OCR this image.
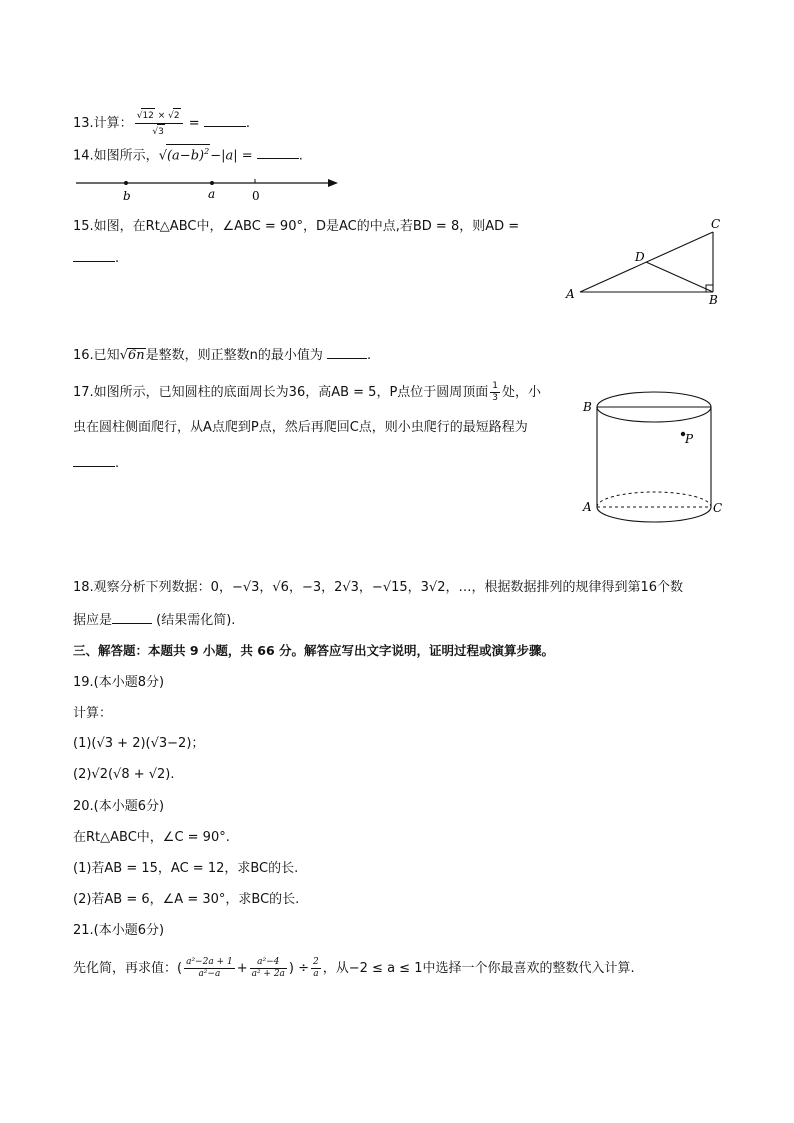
13.计算： $\frac{√12 \times √2}{√3}$ =	.
14.如图所示，$√(a-b)^2-|a|$ =	.
b	a	0
15.如图，在Rt△ABC中，∠ABC = 90°，D是AC的中点,若BD = 8，则AD =
.
A	B
C
D
16.已知√6n是整数，则正整数n的最小值为	.
17.如图所示，已知圆柱的底面周长为36，高AB = 5，P点位于圆周顶面 $\frac{1}{3}$ 处，小
虫在圆柱侧面爬行，从A点爬到P点，然后再爬回C点，则小虫爬行的最短路程为
.
B
P
A	C
18.观察分析下列数据：0，−√3，√6，−3，2√3，−√15，3√2，…，根据数据排列的规律得到第16个数
据应是	(结果需化简).
三、解答题：本题共 9 小题，共 66 分。解答应写出文字说明，证明过程或演算步骤。
19.(本小题8分)
计算：
(1)(√3 + 2)(√3−2)；
(2)√2(√8 + √2).
20.(本小题6分)
在Rt△ABC中，∠C = 90°.
(1)若AB = 15，AC = 12，求BC的长.
(2)若AB = 6，∠A = 30°，求BC的长.
21.(本小题6分)
先化简，再求值：( $\frac{\text{a²−2a + 1}}{\text{a²−a}} + \frac{\text{a²−4}}{\text{a² + 2a}}$ ) ÷ $\frac{2}{a}$ ，从−2 ≤ a ≤ 1中选择一个你最喜欢的整数代入计算.
